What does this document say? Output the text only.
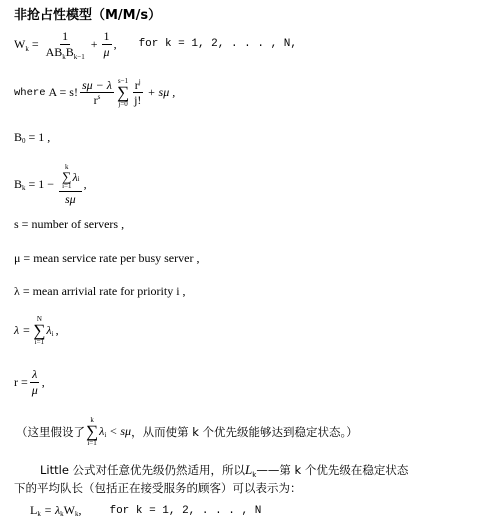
非抢占性模型（M/M/s）
$W_k = \frac{1}{AB_kB_{k-1}} + \frac{1}{\mu}$ , for k = 1, 2, . . . , N,
where A = s! $\frac{s\mu - \lambda}{r^s} s-1$
∑
$j=0 \frac{r^j}{j!} + s\mu$ ,
B 0 = 1 ,
B k = 1 − k
∑
i=1
λ i
sμ ,
s = number of servers ,
μ = mean service rate per busy server ,
λ = mean arrivial rate for priority i ,
λ =
N
∑
i=1
λ i ,
$r = \frac{\lambda}{\mu}$ ,
（这里假设了
k
∑
i=1
λ i < sμ ，从而使第 k 个优先级能够达到稳定状态。）
Little 公式对任意优先级仍然适用，所以$L_k——$第 k 个优先级在稳定状态
下的平均队长（包括正在接受服务的顾客）可以表示为：
L k = λ k W k ,	for k = 1, 2, . . . , N
